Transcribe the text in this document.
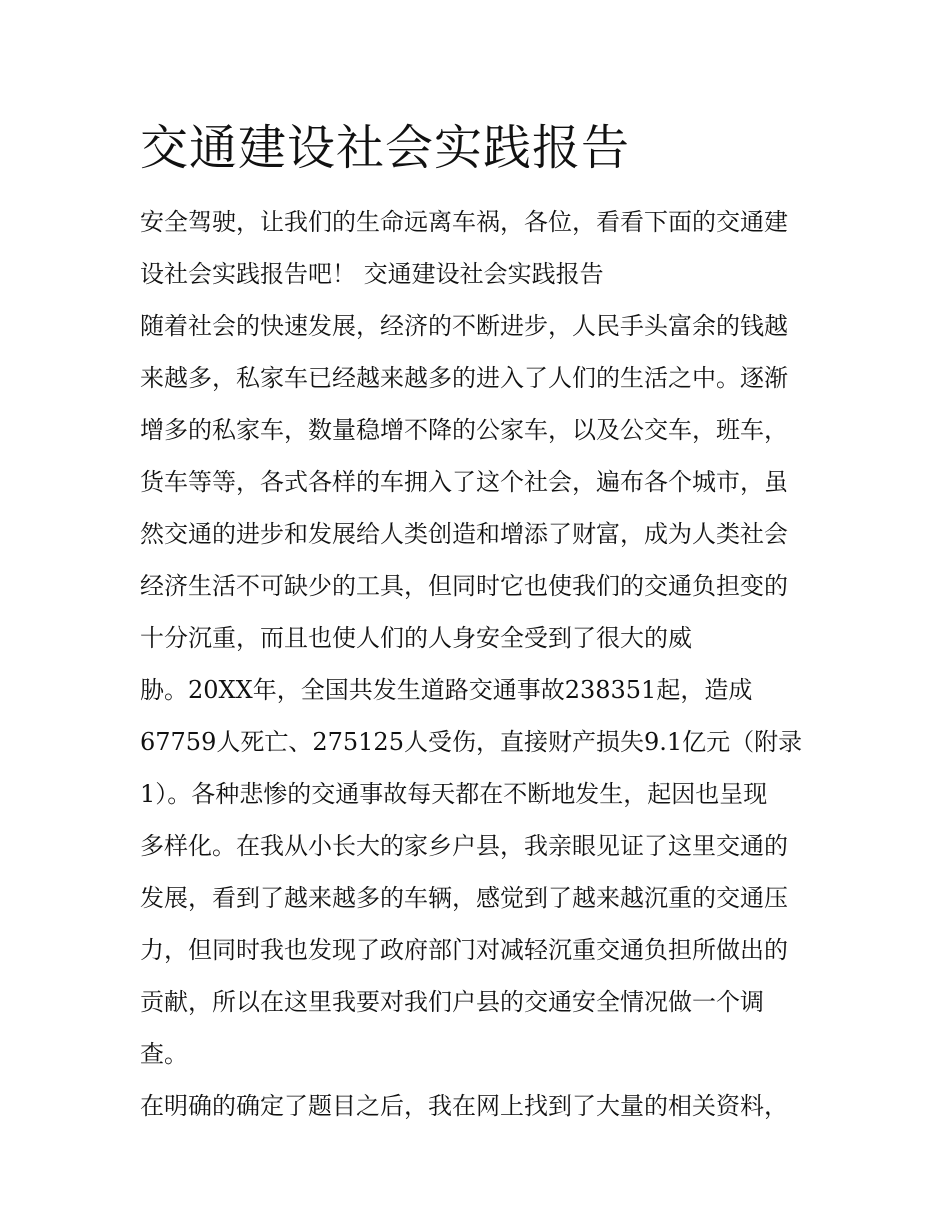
交通建设社会实践报告

安全驾驶，让我们的生命远离车祸，各位，看看下面的交通建

设社会实践报告吧！ 交通建设社会实践报告

随着社会的快速发展，经济的不断进步，人民手头富余的钱越

来越多，私家车已经越来越多的进入了人们的生活之中。逐渐

增多的私家车，数量稳增不降的公家车，以及公交车，班车，

货车等等，各式各样的车拥入了这个社会，遍布各个城市，虽

然交通的进步和发展给人类创造和增添了财富，成为人类社会

经济生活不可缺少的工具，但同时它也使我们的交通负担变的

十分沉重，而且也使人们的人身安全受到了很大的威

胁。20XX年，全国共发生道路交通事故238351起，造成

67759人死亡、275125人受伤，直接财产损失9.1亿元（附录

1）。各种悲惨的交通事故每天都在不断地发生，起因也呈现

多样化。在我从小长大的家乡户县，我亲眼见证了这里交通的

发展，看到了越来越多的车辆，感觉到了越来越沉重的交通压

力，但同时我也发现了政府部门对减轻沉重交通负担所做出的

贡献，所以在这里我要对我们户县的交通安全情况做一个调

查。

在明确的确定了题目之后，我在网上找到了大量的相关资料，
